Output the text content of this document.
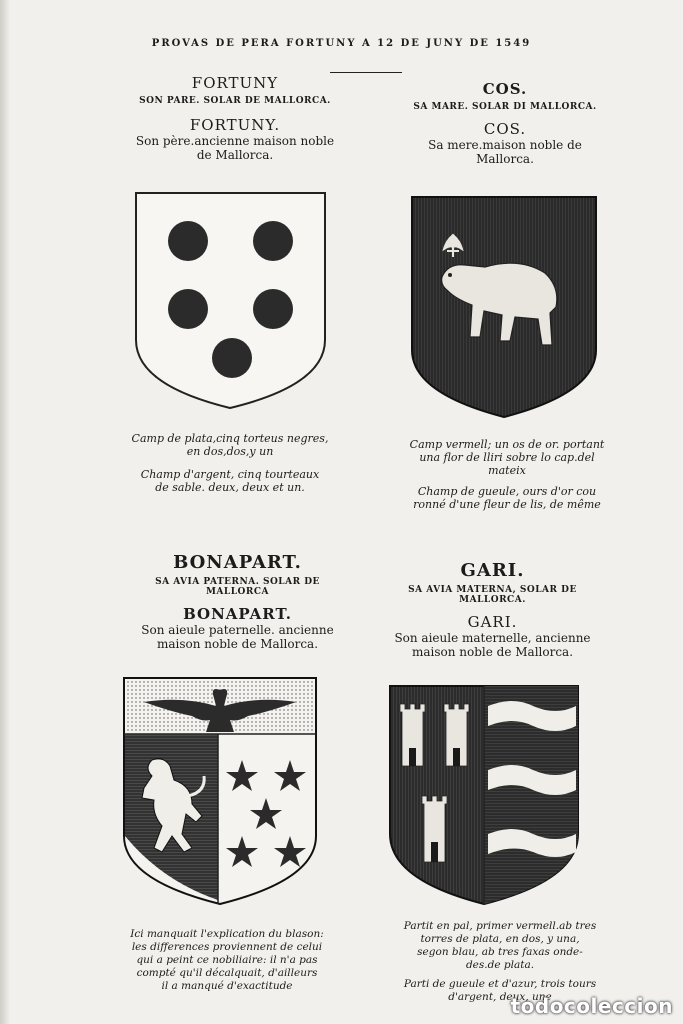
PROVAS DE PERA FORTUNY A 12 DE JUNY DE 1549
FORTUNY
SON PARE. SOLAR DE MALLORCA.
FORTUNY.
Son père.ancienne maison noble
de Mallorca.
Camp de plata,cinq torteus negres,
en dos,dos,y un
Champ d'argent, cinq tourteaux
de sable. deux, deux et un.
COS.
SA MARE. SOLAR DI MALLORCA.
COS.
Sa mere.maison noble de
Mallorca.
Camp vermell; un os de or. portant
una flor de lliri sobre lo cap.del
mateix
Champ de gueule, ours d'or cou
ronné d'une fleur de lis, de même
BONAPART.
SA AVIA PATERNA. SOLAR DE
MALLORCA
BONAPART.
Son aieule paternelle. ancienne
maison noble de Mallorca.
Ici manquait l'explication du blason:
les differences proviennent de celui
qui a peint ce nobiliaire: il n'a pas
compté qu'il décalquait, d'ailleurs
il a manqué d'exactitude
GARI.
SA AVIA MATERNA, SOLAR DE
MALLORCA.
GARI.
Son aieule maternelle, ancienne
maison noble de Mallorca.
Partit en pal, primer vermell.ab tres
torres de plata, en dos, y una,
segon blau, ab tres faxas onde-
des.de plata.
Parti de gueule et d'azur, trois tours
d'argent, deux, une
todocoleccion
